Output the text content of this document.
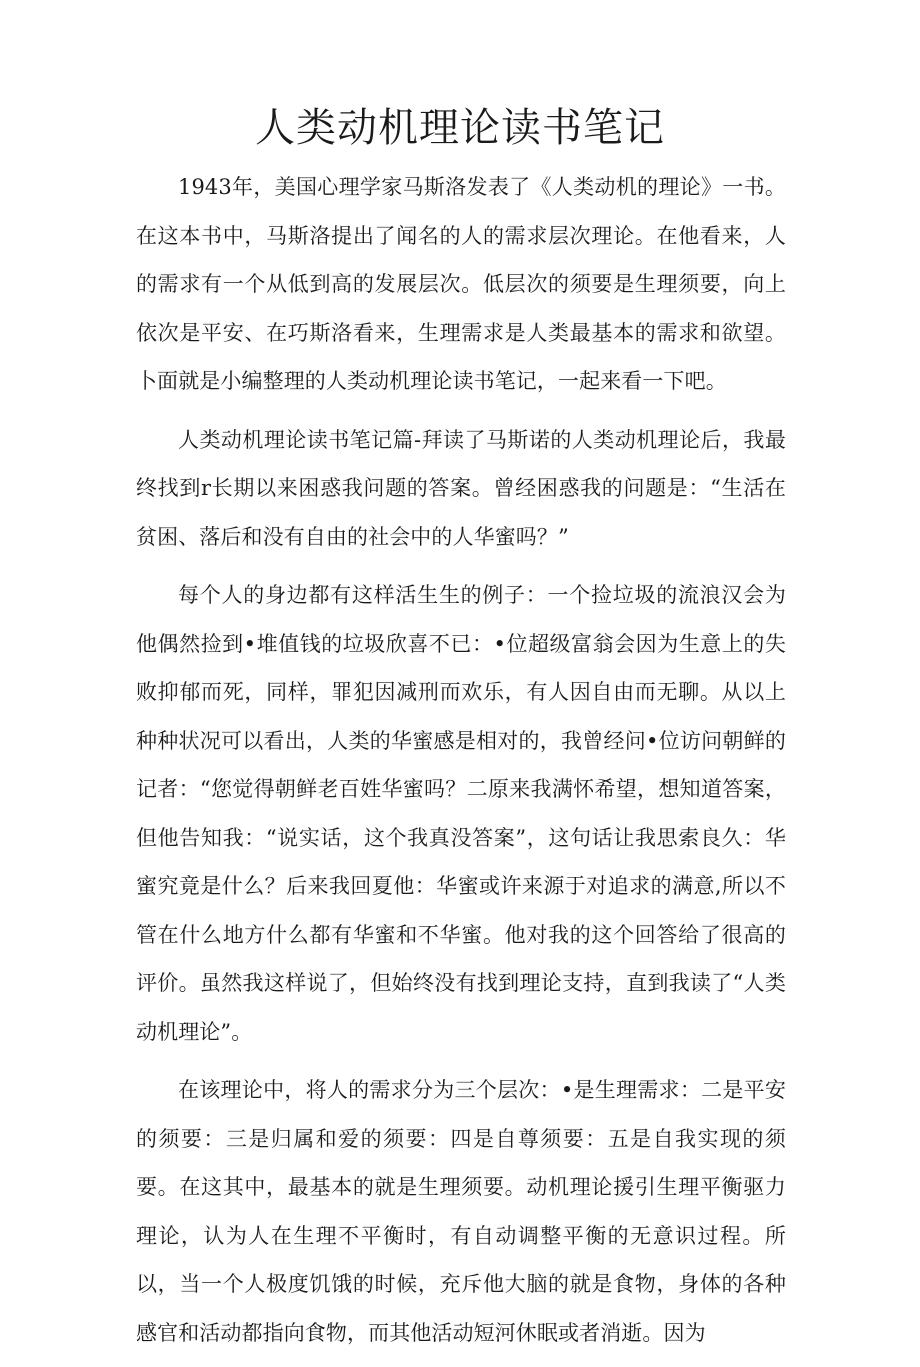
人类动机理论读书笔记

1943年，美国心理学家马斯洛发表了《人类动机的理论》一书。在这本书中，马斯洛提出了闻名的人的需求层次理论。在他看来，人的需求有一个从低到高的发展层次。低层次的须要是生理须要，向上依次是平安、在巧斯洛看来，生理需求是人类最基本的需求和欲望。卜面就是小编整理的人类动机理论读书笔记，一起来看一下吧。

人类动机理论读书笔记篇-拜读了马斯诺的人类动机理论后，我最终找到r长期以来困惑我问题的答案。曾经困惑我的问题是：“生活在贫困、落后和没有自由的社会中的人华蜜吗？”

每个人的身边都有这样活生生的例子：一个捡垃圾的流浪汉会为他偶然捡到•堆值钱的垃圾欣喜不已：•位超级富翁会因为生意上的失败抑郁而死，同样，罪犯因减刑而欢乐，有人因自由而无聊。从以上种种状况可以看出，人类的华蜜感是相对的，我曾经问•位访问朝鲜的记者：“您觉得朝鲜老百姓华蜜吗？二原来我满怀希望，想知道答案，但他告知我：“说实话，这个我真没答案”，这句话让我思索良久：华蜜究竟是什么？后来我回夏他：华蜜或许来源于对追求的满意,所以不管在什么地方什么都有华蜜和不华蜜。他对我的这个回答给了很高的评价。虽然我这样说了，但始终没有找到理论支持，直到我读了“人类动机理论”。

在该理论中，将人的需求分为三个层次：•是生理需求：二是平安的须要：三是归属和爱的须要：四是自尊须要：五是自我实现的须要。在这其中，最基本的就是生理须要。动机理论援引生理平衡驱力理论，认为人在生理不平衡时，有自动调整平衡的无意识过程。所以，当一个人极度饥饿的时候，充斥他大脑的就是食物，身体的各种感官和活动都指向食物，而其他活动短河休眠或者消逝。因为
